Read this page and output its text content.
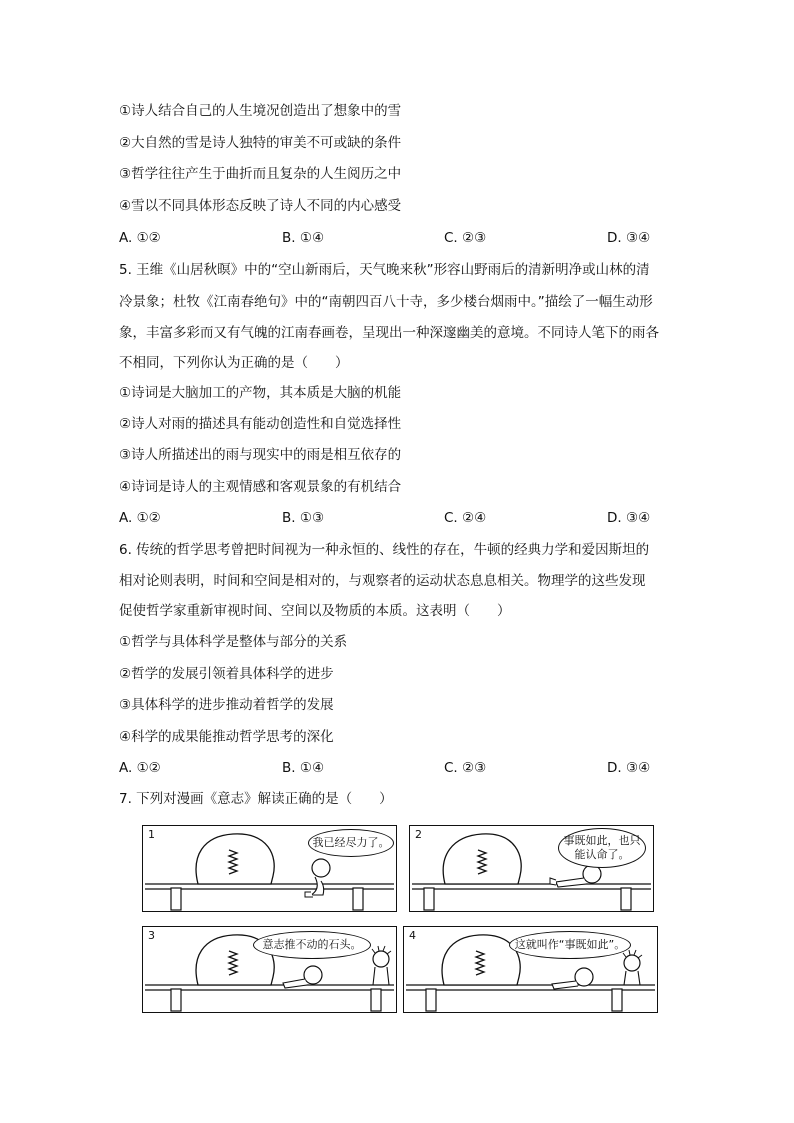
①诗人结合自己的人生境况创造出了想象中的雪
②大自然的雪是诗人独特的审美不可或缺的条件
③哲学往往产生于曲折而且复杂的人生阅历之中
④雪以不同具体形态反映了诗人不同的内心感受
A. ①②	B. ①④	C. ②③	D. ③④
5. 王维《山居秋暝》中的“空山新雨后，天气晚来秋”形容山野雨后的清新明净或山林的清
冷景象；杜牧《江南春绝句》中的“南朝四百八十寺，多少楼台烟雨中。”描绘了一幅生动形
象，丰富多彩而又有气魄的江南春画卷，呈现出一种深邃幽美的意境。不同诗人笔下的雨各
不相同，下列你认为正确的是（　　）
①诗词是大脑加工的产物，其本质是大脑的机能
②诗人对雨的描述具有能动创造性和自觉选择性
③诗人所描述出的雨与现实中的雨是相互依存的
④诗词是诗人的主观情感和客观景象的有机结合
A. ①②	B. ①③	C. ②④	D. ③④
6. 传统的哲学思考曾把时间视为一种永恒的、线性的存在，牛顿的经典力学和爱因斯坦的
相对论则表明，时间和空间是相对的，与观察者的运动状态息息相关。物理学的这些发现
促使哲学家重新审视时间、空间以及物质的本质。这表明（　　）
①哲学与具体科学是整体与部分的关系
②哲学的发展引领着具体科学的进步
③具体科学的进步推动着哲学的发展
④科学的成果能推动哲学思考的深化
A. ①②	B. ①④	C. ②③	D. ③④
7. 下列对漫画《意志》解读正确的是（　　）
1
我已经尽力了。
2	事既如此，也只
能认命了。
3
意志推不动的石头。
4
这就叫作“事既如此”。
